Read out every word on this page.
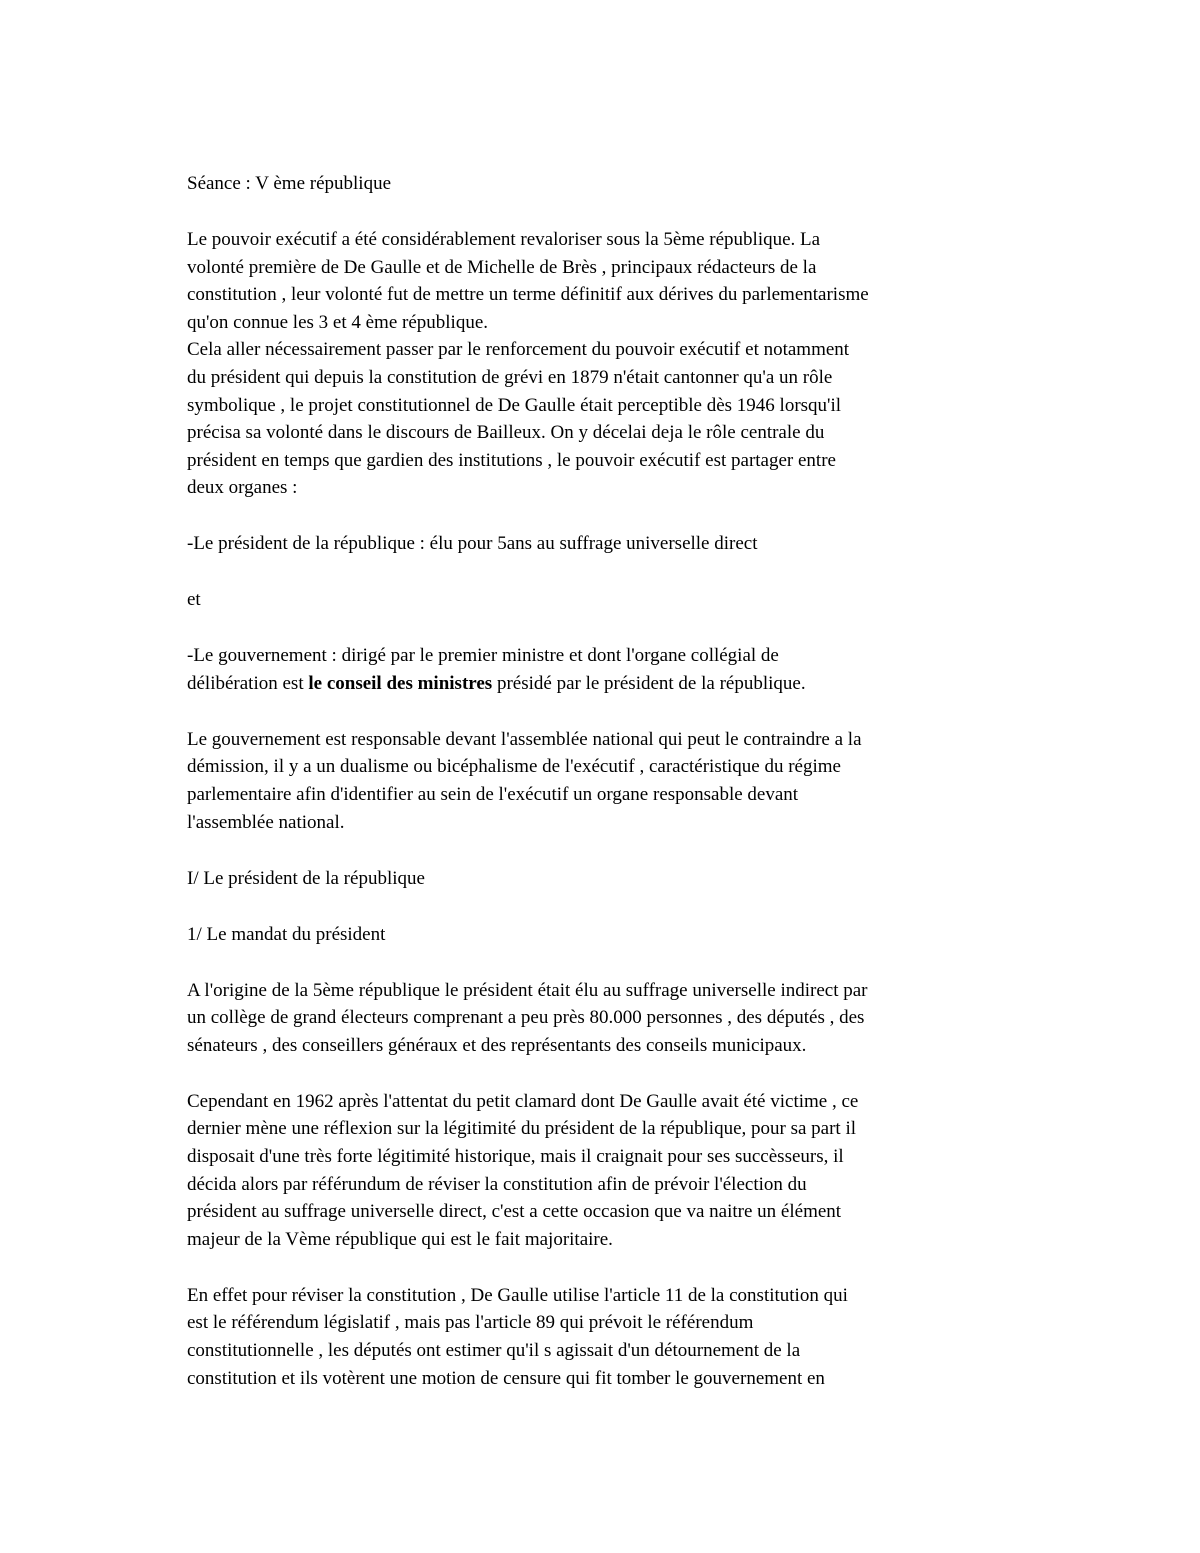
Séance : V ème république
Le pouvoir exécutif a été considérablement revaloriser sous la 5ème république. La
volonté première de De Gaulle et de Michelle de Brès , principaux rédacteurs de la
constitution , leur volonté fut de mettre un terme définitif aux dérives du parlementarisme
qu'on connue les 3 et 4 ème république.
Cela aller nécessairement passer par le renforcement du pouvoir exécutif et notamment
du président qui depuis la constitution de grévi en 1879 n'était cantonner qu'a un rôle
symbolique , le projet constitutionnel de De Gaulle était perceptible dès 1946 lorsqu'il
précisa sa volonté dans le discours de Bailleux. On y décelai deja le rôle centrale du
président en temps que gardien des institutions , le pouvoir exécutif est partager entre
deux organes :
-Le président de la république : élu pour 5ans au suffrage universelle direct
et
-Le gouvernement : dirigé par le premier ministre et dont l'organe collégial de
délibération est le conseil des ministres présidé par le président de la république.
Le gouvernement est responsable devant l'assemblée national qui peut le contraindre a la
démission, il y a un dualisme ou bicéphalisme de l'exécutif , caractéristique du régime
parlementaire afin d'identifier au sein de l'exécutif un organe responsable devant
l'assemblée national.
I/ Le président de la république
1/ Le mandat du président
A l'origine de la 5ème république le président était élu au suffrage universelle indirect par
un collège de grand électeurs comprenant a peu près 80.000 personnes , des députés , des
sénateurs , des conseillers généraux et des représentants des conseils municipaux.
Cependant en 1962 après l'attentat du petit clamard dont De Gaulle avait été victime , ce
dernier mène une réflexion sur la légitimité du président de la république, pour sa part il
disposait d'une très forte légitimité historique, mais il craignait pour ses succèsseurs, il
décida alors par référundum de réviser la constitution afin de prévoir l'élection du
président au suffrage universelle direct, c'est a cette occasion que va naitre un élément
majeur de la Vème république qui est le fait majoritaire.
En effet pour réviser la constitution , De Gaulle utilise l'article 11 de la constitution qui
est le référendum législatif , mais pas l'article 89 qui prévoit le référendum
constitutionnelle , les députés ont estimer qu'il s agissait d'un détournement de la
constitution et ils votèrent une motion de censure qui fit tomber le gouvernement en
